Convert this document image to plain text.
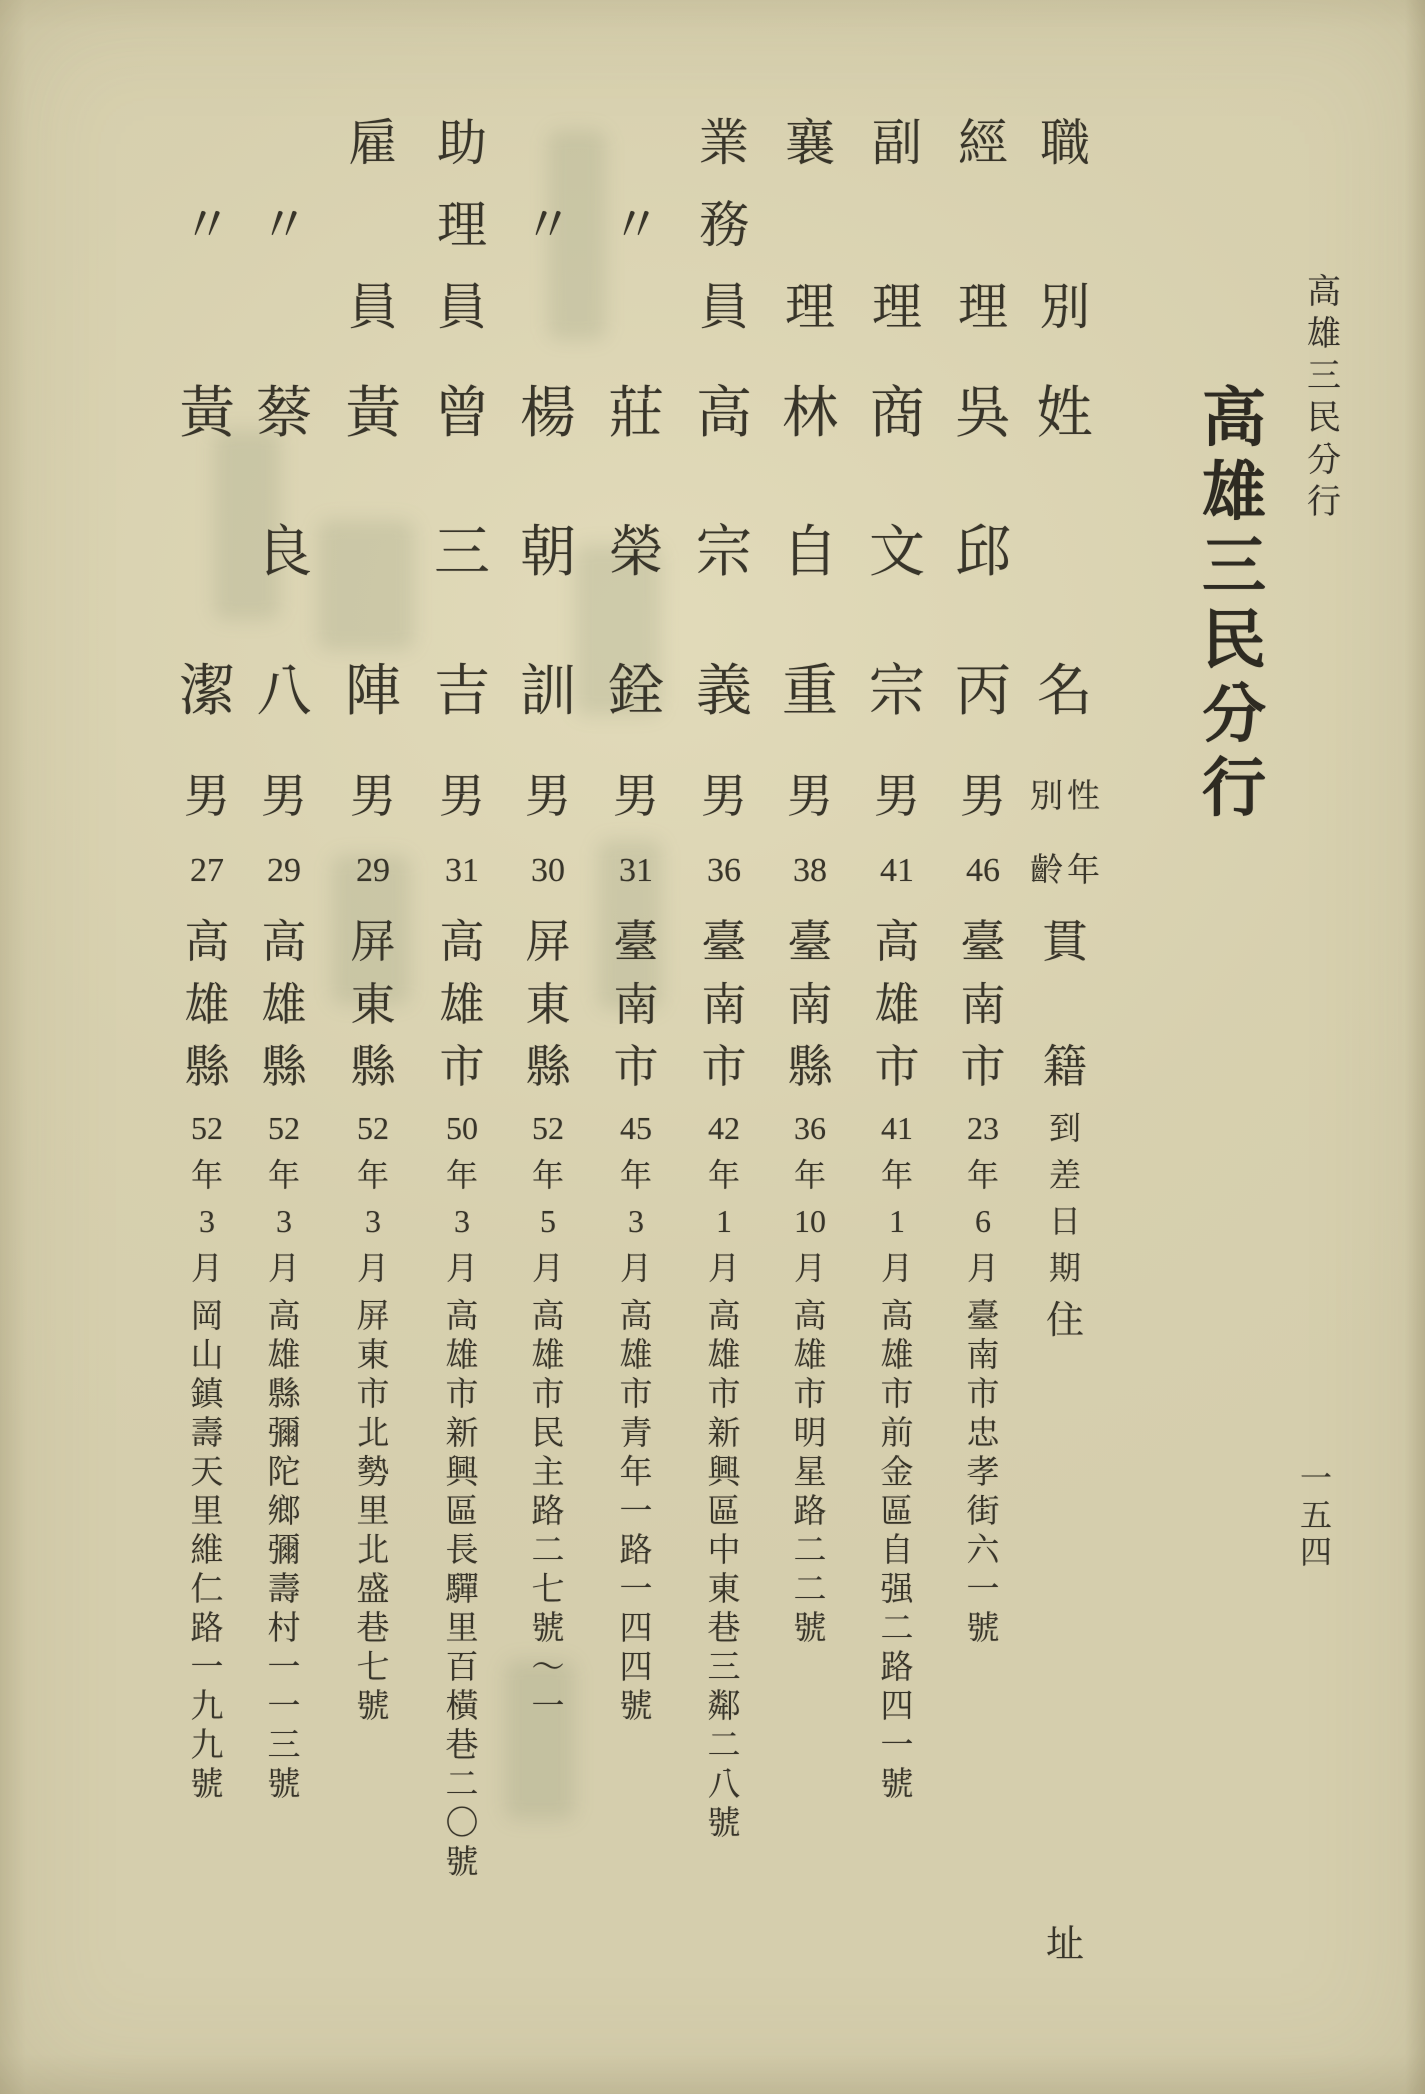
高
雄
三
民
分
行
高
雄
三
民
分
行
一
五
四
職
別
姓
名
性
別
年
齡
貫
籍
到
差
日
期
住
址
經
理
吳
邱
丙
男
46
臺
南
市
23
年
6
月
臺
南
市
忠
孝
街
六
一
號
副
理
商
文
宗
男
41
高
雄
市
41
年
1
月
高
雄
市
前
金
區
自
强
二
路
四
一
號
襄
理
林
自
重
男
38
臺
南
縣
36
年
10
月
高
雄
市
明
星
路
二
二
號
業
務
員
高
宗
義
男
36
臺
南
市
42
年
1
月
高
雄
市
新
興
區
中
東
巷
三
鄰
二
八
號
〃
莊
榮
銓
男
31
臺
南
市
45
年
3
月
高
雄
市
青
年
一
路
一
四
四
號
〃
楊
朝
訓
男
30
屏
東
縣
52
年
5
月
高
雄
市
民
主
路
二
七
號
〜
一
助
理
員
曾
三
吉
男
31
高
雄
市
50
年
3
月
高
雄
市
新
興
區
長
驒
里
百
橫
巷
二
〇
號
雇
員
黃
陣
男
29
屏
東
縣
52
年
3
月
屏
東
市
北
勢
里
北
盛
巷
七
號
〃
蔡
良
八
男
29
高
雄
縣
52
年
3
月
高
雄
縣
彌
陀
鄉
彌
壽
村
一
一
三
號
〃
黃
潔
男
27
高
雄
縣
52
年
3
月
岡
山
鎮
壽
天
里
維
仁
路
一
九
九
號
